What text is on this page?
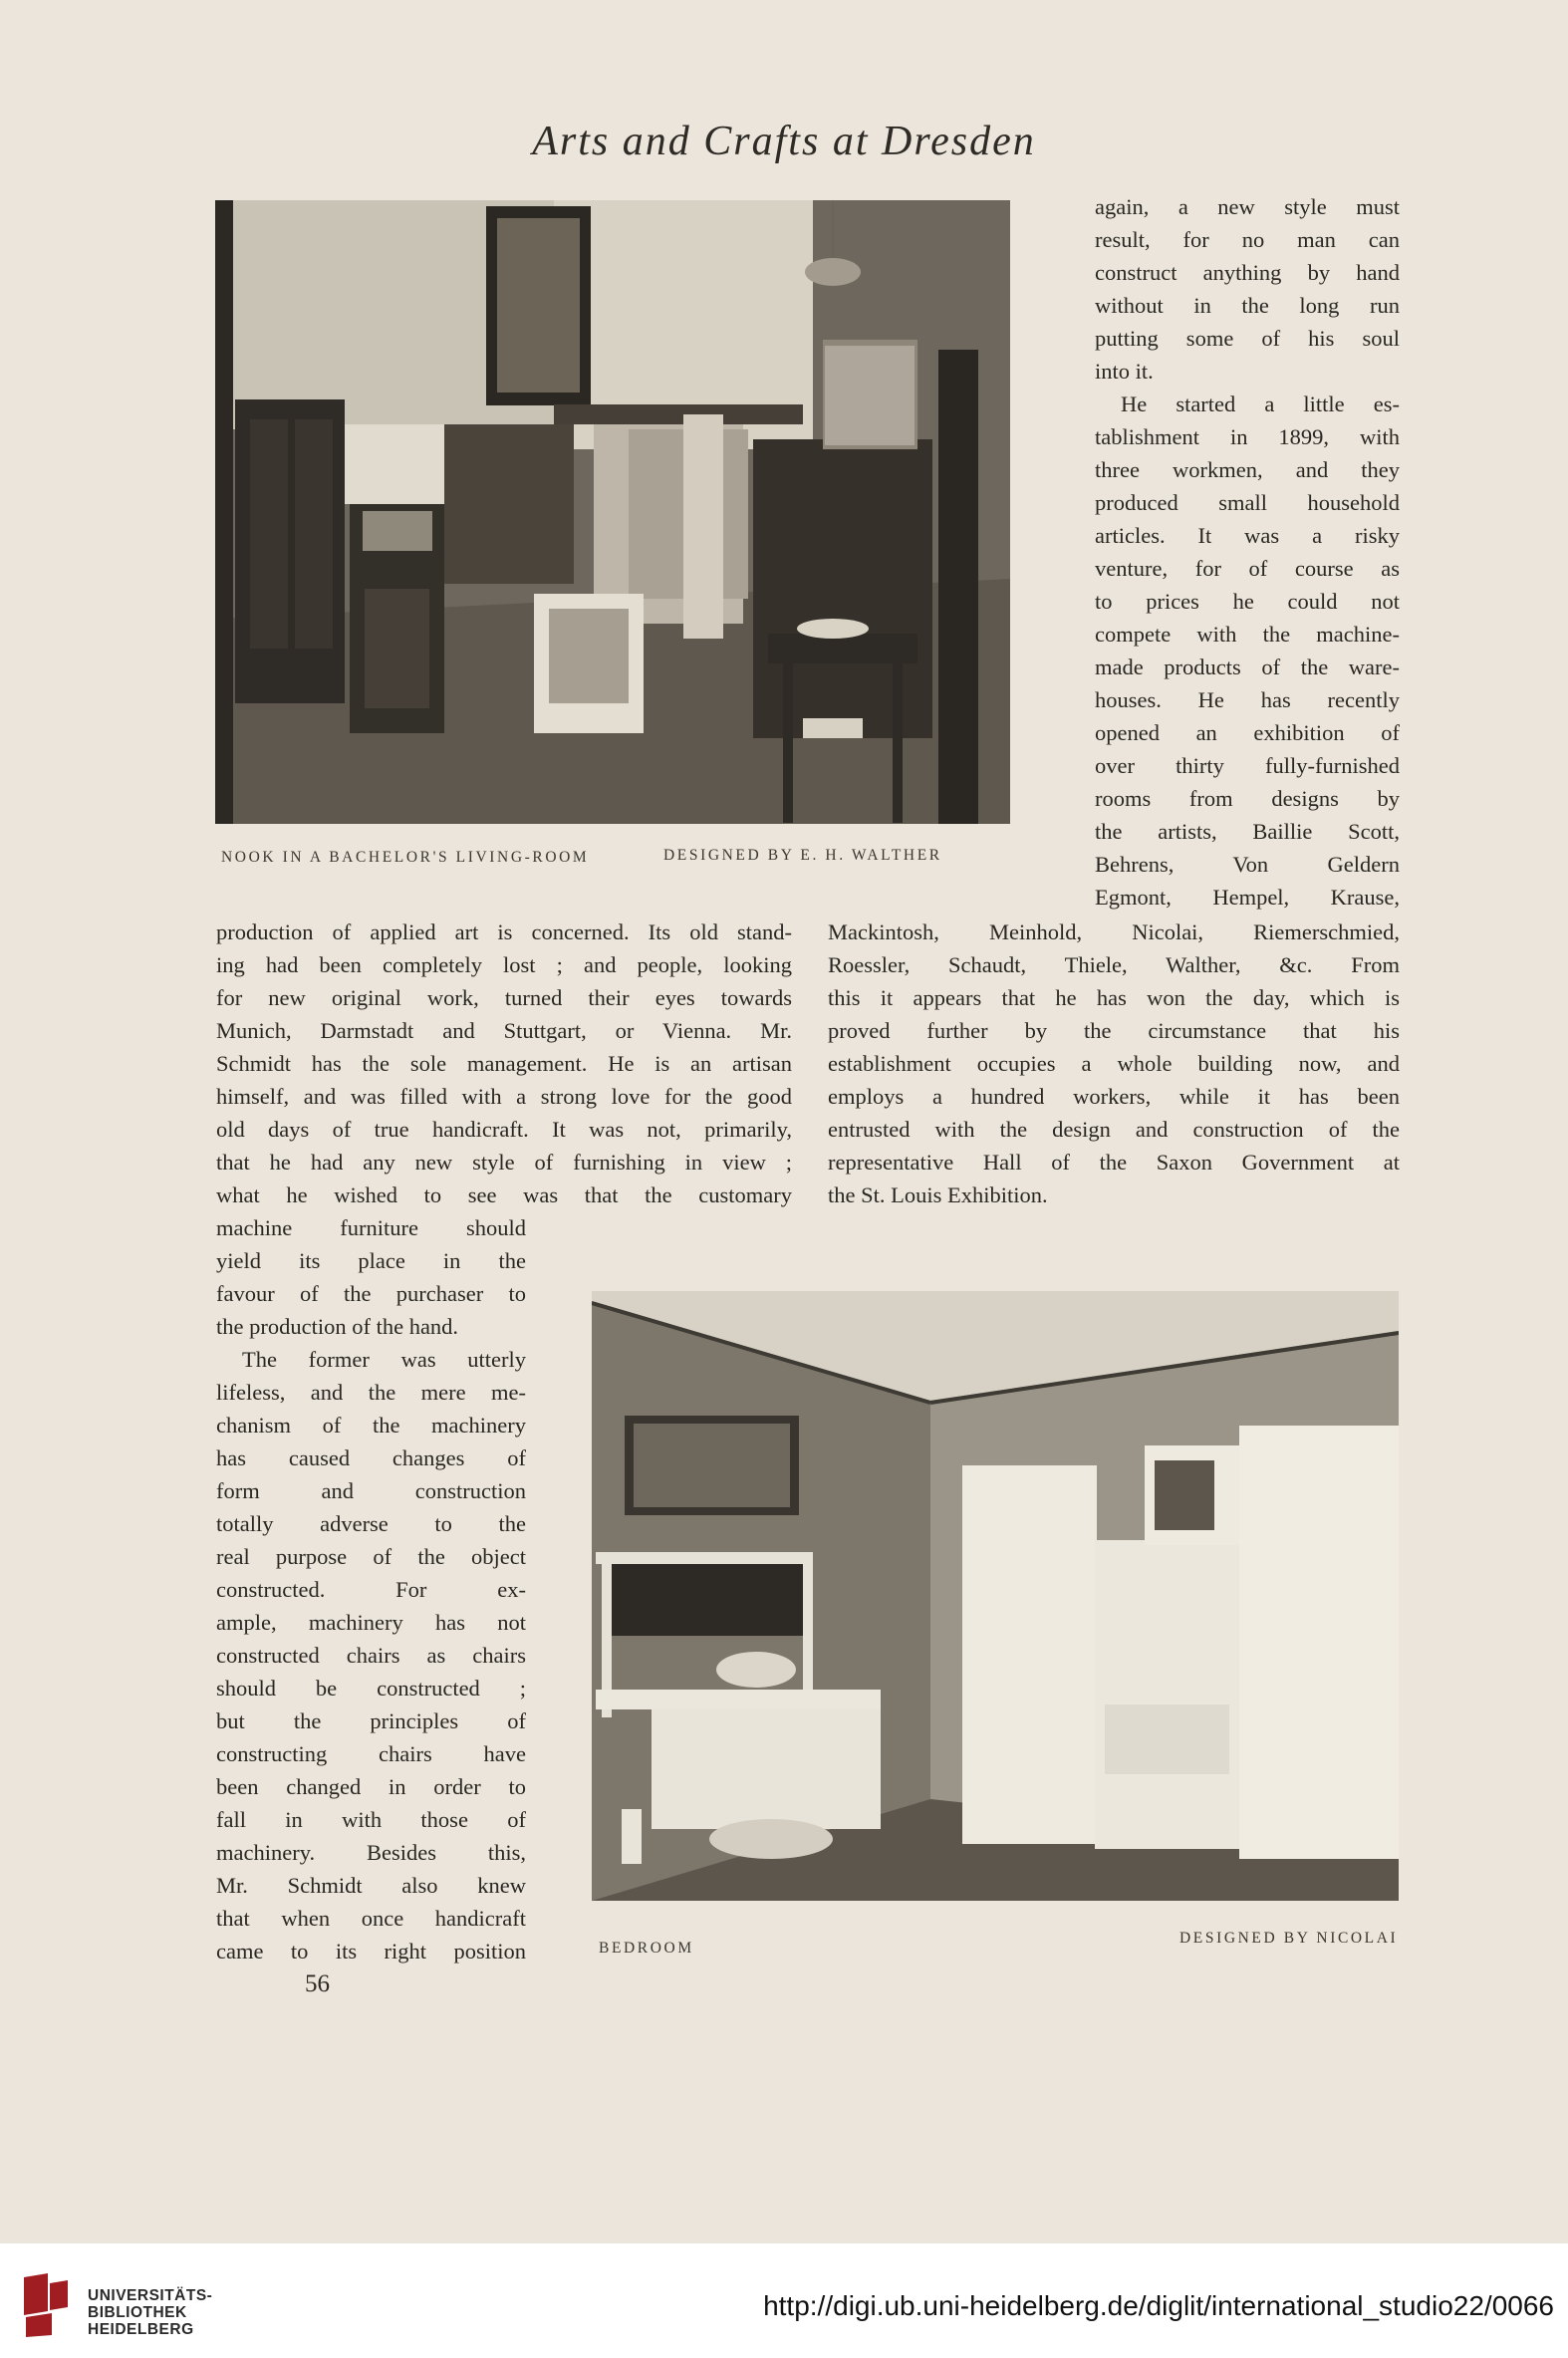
Arts and Crafts at Dresden
NOOK IN A BACHELOR'S LIVING-ROOM	DESIGNED BY E. H. WALTHER
again, a new style must
result, for no man can
construct anything by hand
without in the long run
putting some of his soul
into it.
He started a little es-
tablishment in 1899, with
three workmen, and they
produced small household
articles. It was a risky
venture, for of course as
to prices he could not
compete with the machine-
made products of the ware-
houses. He has recently
opened an exhibition of
over thirty fully-furnished
rooms from designs by
the artists, Baillie Scott,
Behrens, Von Geldern
Egmont, Hempel, Krause,
production of applied art is concerned. Its old stand-
ing had been completely lost ; and people, looking
for new original work, turned their eyes towards
Munich, Darmstadt and Stuttgart, or Vienna. Mr.
Schmidt has the sole management. He is an artisan
himself, and was filled with a strong love for the good
old days of true handicraft. It was not, primarily,
that he had any new style of furnishing in view ;
what he wished to see was that the customary
Mackintosh, Meinhold, Nicolai, Riemerschmied,
Roessler, Schaudt, Thiele, Walther, &c. From
this it appears that he has won the day, which is
proved further by the circumstance that his
establishment occupies a whole building now, and
employs a hundred workers, while it has been
entrusted with the design and construction of the
representative Hall of the Saxon Government at
the St. Louis Exhibition.
machine furniture should
yield its place in the
favour of the purchaser to
the production of the hand.
The former was utterly
lifeless, and the mere me-
chanism of the machinery
has caused changes of
form and construction
totally adverse to the
real purpose of the object
constructed. For ex-
ample, machinery has not
constructed chairs as chairs
should be constructed ;
but the principles of
constructing chairs have
been changed in order to
fall in with those of
machinery. Besides this,
Mr. Schmidt also knew
that when once handicraft
came to its right position	BEDROOM
DESIGNED BY NICOLAI
56
UNIVERSITÄTS-
BIBLIOTHEK
HEIDELBERG
http://digi.ub.uni-heidelberg.de/diglit/international_studio22/0066
